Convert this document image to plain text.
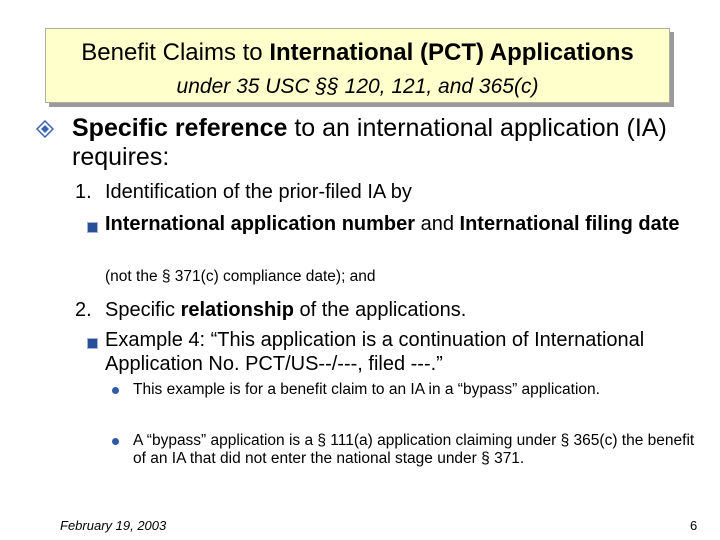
Benefit Claims to International (PCT) Applications
under 35 USC §§ 120, 121, and 365(c)
Specific reference to an international application (IA) requires:
1. Identification of the prior-filed IA by
International application number and International filing date
(not the § 371(c) compliance date); and
2. Specific relationship of the applications.
Example 4: “This application is a continuation of International Application No. PCT/US--/---, filed ---.”
This example is for a benefit claim to an IA in a “bypass” application.
A “bypass” application is a § 111(a) application claiming under § 365(c) the benefit of an IA that did not enter the national stage under § 371.
February 19, 2003	6
